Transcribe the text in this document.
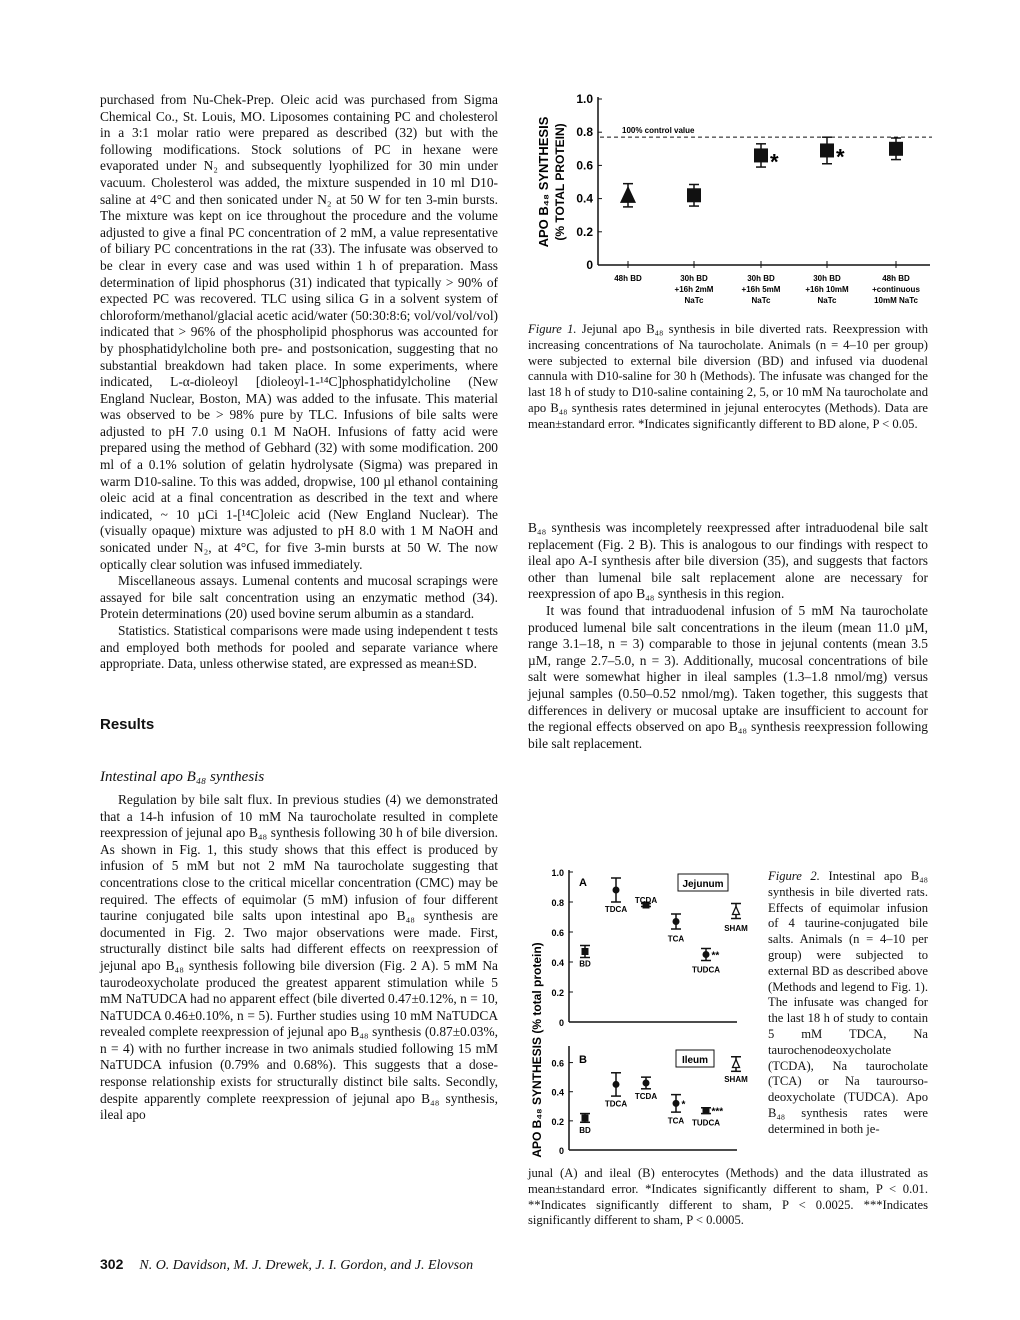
purchased from Nu-Chek-Prep. Oleic acid was purchased from Sigma Chemical Co., St. Louis, MO. Liposomes containing PC and cholesterol in a 3:1 molar ratio were prepared as described (32) but with the following modifications. Stock solutions of PC in hexane were evaporated under N₂ and subsequently lyophilized for 30 min under vacuum. Cholesterol was added, the mixture suspended in 10 ml D10-saline at 4°C and then sonicated under N₂ at 50 W for ten 3-min bursts. The mixture was kept on ice throughout the procedure and the volume adjusted to give a final PC concentration of 2 mM, a value representative of biliary PC concentrations in the rat (33). The infusate was observed to be clear in every case and was used within 1 h of preparation. Mass determination of lipid phosphorus (31) indicated that typically > 90% of expected PC was recovered. TLC using silica G in a solvent system of chloroform/methanol/glacial acetic acid/water (50:30:8:6; vol/vol/vol/vol) indicated that > 96% of the phospholipid phosphorus was accounted for by phosphatidylcholine both pre- and postsonication, suggesting that no substantial breakdown had taken place. In some experiments, where indicated, L-α-dioleoyl [dioleoyl-1-¹⁴C]phosphatidylcholine (New England Nuclear, Boston, MA) was added to the infusate. This material was observed to be > 98% pure by TLC. Infusions of bile salts were adjusted to pH 7.0 using 0.1 M NaOH. Infusions of fatty acid were prepared using the method of Gebhard (32) with some modification. 200 ml of a 0.1% solution of gelatin hydrolysate (Sigma) was prepared in warm D10-saline. To this was added, dropwise, 100 µl ethanol containing oleic acid at a final concentration as described in the text and where indicated, ~ 10 µCi 1-[¹⁴C]oleic acid (New England Nuclear). The (visually opaque) mixture was adjusted to pH 8.0 with 1 M NaOH and sonicated under N₂, at 4°C, for five 3-min bursts at 50 W. The now optically clear solution was infused immediately.

Miscellaneous assays. Lumenal contents and mucosal scrapings were assayed for bile salt concentration using an enzymatic method (34). Protein determinations (20) used bovine serum albumin as a standard.

Statistics. Statistical comparisons were made using independent t tests and employed both methods for pooled and separate variance where appropriate. Data, unless otherwise stated, are expressed as mean±SD.

Results
Intestinal apo B₄₈ synthesis

Regulation by bile salt flux. In previous studies (4) we demonstrated that a 14-h infusion of 10 mM Na taurocholate resulted in complete reexpression of jejunal apo B₄₈ synthesis following 30 h of bile diversion. As shown in Fig. 1, this study shows that this effect is produced by infusion of 5 mM but not 2 mM Na taurocholate suggesting that concentrations close to the critical micellar concentration (CMC) may be required. The effects of equimolar (5 mM) infusion of four different taurine conjugated bile salts upon intestinal apo B₄₈ synthesis are documented in Fig. 2. Two major observations were made. First, structurally distinct bile salts had different effects on reexpression of jejunal apo B₄₈ synthesis following bile diversion (Fig. 2 A). 5 mM Na taurodeoxycholate produced the greatest apparent stimulation while 5 mM NaTUDCA had no apparent effect (bile diverted 0.47±0.12%, n = 10, NaTUDCA 0.46±0.10%, n = 5). Further studies using 10 mM NaTUDCA revealed complete reexpression of jejunal apo B₄₈ synthesis (0.87±0.03%, n = 4) with no further increase in two animals studied following 15 mM NaTUDCA infusion (0.79% and 0.68%). This suggests that a dose-response relationship exists for structurally distinct bile salts. Secondly, despite apparently complete reexpression of jejunal apo B₄₈ synthesis, ileal apo

0
0.2
0.4
0.6
0.8
1.0
*	*
100% control value
48h BD	30h BD
+16h 2mM
NaTc
30h BD
+16h 5mM
NaTc
30h BD
+16h 10mM
NaTc
48h BD
+continuous
10mM NaTc
APO B₄₈ SYNTHESIS (% TOTAL PROTEIN)
Figure 1. Jejunal apo B₄₈ synthesis in bile diverted rats. Reexpression with increasing concentrations of Na taurocholate. Animals (n = 4–10 per group) were subjected to external bile diversion (BD) and infused via duodenal cannula with D10-saline for 30 h (Methods). The infusate was changed for the last 18 h of study to D10-saline containing 2, 5, or 10 mM Na taurocholate and apo B₄₈ synthesis rates determined in jejunal enterocytes (Methods). Data are mean±standard error. *Indicates significantly different to BD alone, P < 0.05.

B₄₈ synthesis was incompletely reexpressed after intraduodenal bile salt replacement (Fig. 2 B). This is analogous to our findings with respect to ileal apo A-I synthesis after bile diversion (35), and suggests that factors other than lumenal bile salt replacement alone are necessary for reexpression of apo B₄₈ synthesis in this region.

It was found that intraduodenal infusion of 5 mM Na taurocholate produced lumenal bile salt concentrations in the ileum (mean 11.0 µM, range 3.1–18, n = 3) comparable to those in jejunal contents (mean 3.5 µM, range 2.7–5.0, n = 3). Additionally, mucosal concentrations of bile salt were somewhat higher in ileal samples (1.3–1.8 nmol/mg) versus jejunal samples (0.50–0.52 nmol/mg). Taken together, this suggests that differences in delivery or mucosal uptake are insufficient to account for the regional effects observed on apo B₄₈ synthesis reexpression following bile salt replacement.

0
0.2
0.4
0.6
0.8
1.0
BD
TDCA
TCDA
TCA
**
TUDCA
SHAM
A	Jejunum
0
0.2
0.4
0.6
BD
TDCA
TCDA
*
TCA
***
TUDCA
SHAM
B	Ileum
APO B₄₈ SYNTHESIS (% total protein)
Figure 2. Intestinal apo B₄₈ synthesis in bile diverted rats. Effects of equimolar infusion of 4 taurine-conjugated bile salts. Animals (n = 4–10 per group) were subjected to external BD as described above (Methods and legend to Fig. 1). The infusate was changed for the last 18 h of study to contain 5 mM TDCA, Na taurochenodeoxycholate (TCDA), Na taurocholate (TCA) or Na taurourso-deoxycholate (TUDCA). Apo B₄₈ synthesis rates were determined in both je-
junal (A) and ileal (B) enterocytes (Methods) and the data illustrated as mean±standard error. *Indicates significantly different to sham, P < 0.01. **Indicates significantly different to sham, P < 0.0025. ***Indicates significantly different to sham, P < 0.0005.
302 N. O. Davidson, M. J. Drewek, J. I. Gordon, and J. Elovson
